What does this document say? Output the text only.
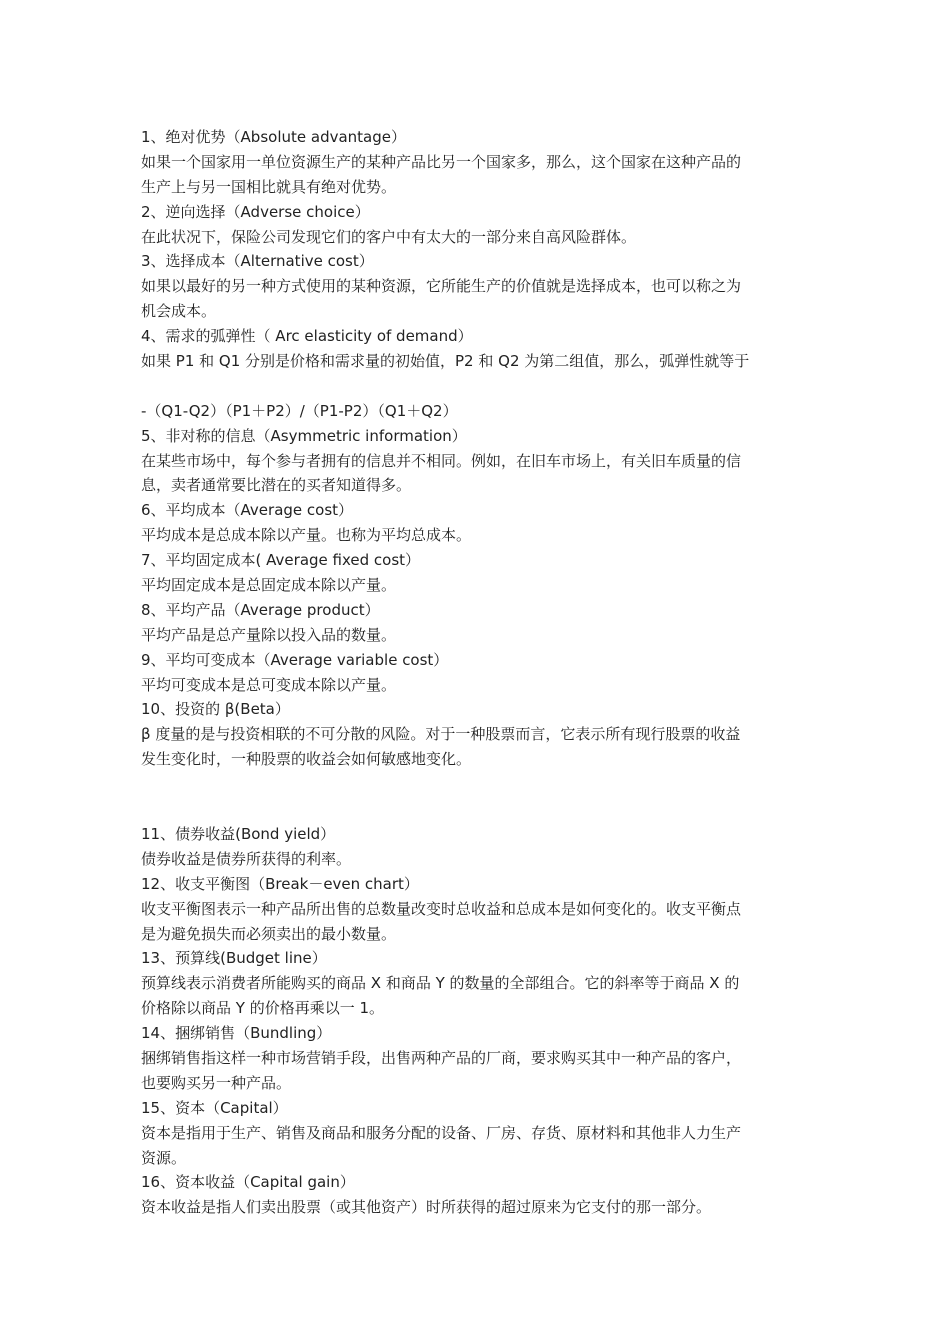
1、绝对优势（Absolute advantage）
如果一个国家用一单位资源生产的某种产品比另一个国家多，那么，这个国家在这种产品的
生产上与另一国相比就具有绝对优势。
2、逆向选择（Adverse choice）
在此状况下，保险公司发现它们的客户中有太大的一部分来自高风险群体。
3、选择成本（Alternative cost）
如果以最好的另一种方式使用的某种资源，它所能生产的价值就是选择成本，也可以称之为
机会成本。
4、需求的弧弹性（ Arc elasticity of demand）
如果 P1 和 Q1 分别是价格和需求量的初始值，P2 和 Q2 为第二组值，那么，弧弹性就等于
-（Q1-Q2）（P1＋P2）/（P1-P2）（Q1＋Q2）
5、非对称的信息（Asymmetric information）
在某些市场中，每个参与者拥有的信息并不相同。例如，在旧车市场上，有关旧车质量的信
息，卖者通常要比潜在的买者知道得多。
6、平均成本（Average cost）
平均成本是总成本除以产量。也称为平均总成本。
7、平均固定成本( Average fixed cost）
平均固定成本是总固定成本除以产量。
8、平均产品（Average product）
平均产品是总产量除以投入品的数量。
9、平均可变成本（Average variable cost）
平均可变成本是总可变成本除以产量。
10、投资的 β(Beta）
β 度量的是与投资相联的不可分散的风险。对于一种股票而言，它表示所有现行股票的收益
发生变化时，一种股票的收益会如何敏感地变化。
11、债券收益(Bond yield）
债券收益是债券所获得的利率。
12、收支平衡图（Break－even chart）
收支平衡图表示一种产品所出售的总数量改变时总收益和总成本是如何变化的。收支平衡点
是为避免损失而必须卖出的最小数量。
13、预算线(Budget line）
预算线表示消费者所能购买的商品 X 和商品 Y 的数量的全部组合。它的斜率等于商品 X 的
价格除以商品 Y 的价格再乘以一 1。
14、捆绑销售（Bundling）
捆绑销售指这样一种市场营销手段，出售两种产品的厂商，要求购买其中一种产品的客户，
也要购买另一种产品。
15、资本（Capital）
资本是指用于生产、销售及商品和服务分配的设备、厂房、存货、原材料和其他非人力生产
资源。
16、资本收益（Capital gain）
资本收益是指人们卖出股票（或其他资产）时所获得的超过原来为它支付的那一部分。
